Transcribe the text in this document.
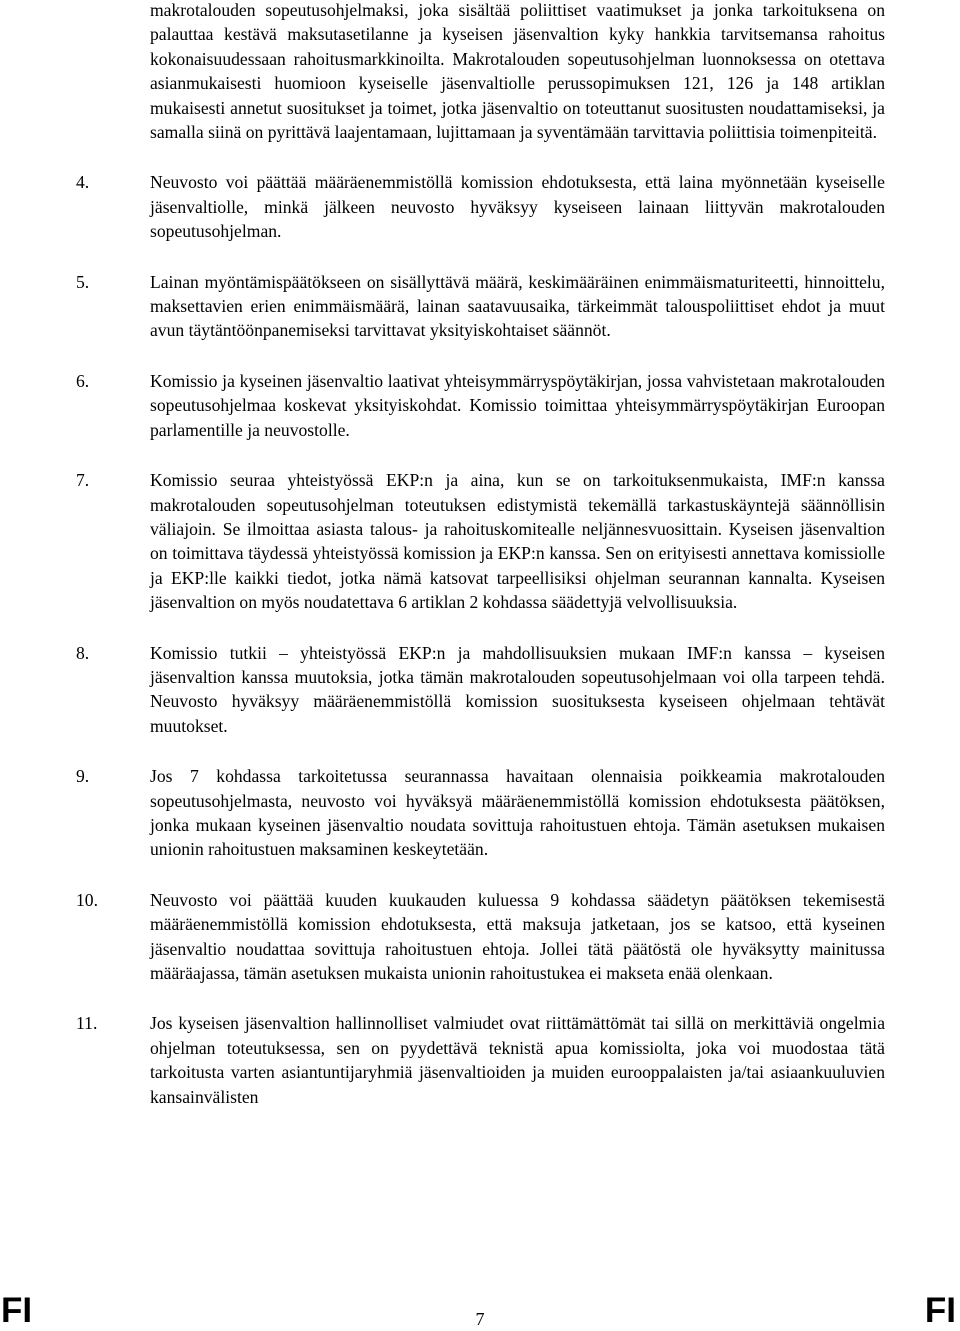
makrotalouden sopeutusohjelmaksi, joka sisältää poliittiset vaatimukset ja jonka tarkoituksena on palauttaa kestävä maksutasetilanne ja kyseisen jäsenvaltion kyky hankkia tarvitsemansa rahoitus kokonaisuudessaan rahoitusmarkkinoilta. Makrotalouden sopeutusohjelman luonnoksessa on otettava asianmukaisesti huomioon kyseiselle jäsenvaltiolle perussopimuksen 121, 126 ja 148 artiklan mukaisesti annetut suositukset ja toimet, jotka jäsenvaltio on toteuttanut suositusten noudattamiseksi, ja samalla siinä on pyrittävä laajentamaan, lujittamaan ja syventämään tarvittavia poliittisia toimenpiteitä.
4.	Neuvosto voi päättää määräenemmistöllä komission ehdotuksesta, että laina myönnetään kyseiselle jäsenvaltiolle, minkä jälkeen neuvosto hyväksyy kyseiseen lainaan liittyvän makrotalouden sopeutusohjelman.
5.	Lainan myöntämispäätökseen on sisällyttävä määrä, keskimääräinen enimmäismaturiteetti, hinnoittelu, maksettavien erien enimmäismäärä, lainan saatavuusaika, tärkeimmät talouspoliittiset ehdot ja muut avun täytäntöönpanemiseksi tarvittavat yksityiskohtaiset säännöt.
6.	Komissio ja kyseinen jäsenvaltio laativat yhteisymmärryspöytäkirjan, jossa vahvistetaan makrotalouden sopeutusohjelmaa koskevat yksityiskohdat. Komissio toimittaa yhteisymmärryspöytäkirjan Euroopan parlamentille ja neuvostolle.
7.	Komissio seuraa yhteistyössä EKP:n ja aina, kun se on tarkoituksenmukaista, IMF:n kanssa makrotalouden sopeutusohjelman toteutuksen edistymistä tekemällä tarkastuskäyntejä säännöllisin väliajoin. Se ilmoittaa asiasta talous- ja rahoituskomitealle neljännesvuosittain. Kyseisen jäsenvaltion on toimittava täydessä yhteistyössä komission ja EKP:n kanssa. Sen on erityisesti annettava komissiolle ja EKP:lle kaikki tiedot, jotka nämä katsovat tarpeellisiksi ohjelman seurannan kannalta. Kyseisen jäsenvaltion on myös noudatettava 6 artiklan 2 kohdassa säädettyjä velvollisuuksia.
8.	Komissio tutkii – yhteistyössä EKP:n ja mahdollisuuksien mukaan IMF:n kanssa – kyseisen jäsenvaltion kanssa muutoksia, jotka tämän makrotalouden sopeutusohjelmaan voi olla tarpeen tehdä. Neuvosto hyväksyy määräenemmistöllä komission suosituksesta kyseiseen ohjelmaan tehtävät muutokset.
9.	Jos 7 kohdassa tarkoitetussa seurannassa havaitaan olennaisia poikkeamia makrotalouden sopeutusohjelmasta, neuvosto voi hyväksyä määräenemmistöllä komission ehdotuksesta päätöksen, jonka mukaan kyseinen jäsenvaltio noudata sovittuja rahoitustuen ehtoja. Tämän asetuksen mukaisen unionin rahoitustuen maksaminen keskeytetään.
10.	Neuvosto voi päättää kuuden kuukauden kuluessa 9 kohdassa säädetyn päätöksen tekemisestä määräenemmistöllä komission ehdotuksesta, että maksuja jatketaan, jos se katsoo, että kyseinen jäsenvaltio noudattaa sovittuja rahoitustuen ehtoja. Jollei tätä päätöstä ole hyväksytty mainitussa määräajassa, tämän asetuksen mukaista unionin rahoitustukea ei makseta enää olenkaan.
11.	Jos kyseisen jäsenvaltion hallinnolliset valmiudet ovat riittämättömät tai sillä on merkittäviä ongelmia ohjelman toteutuksessa, sen on pyydettävä teknistä apua komissiolta, joka voi muodostaa tätä tarkoitusta varten asiantuntijaryhmiä jäsenvaltioiden ja muiden eurooppalaisten ja/tai asiaankuuluvien kansainvälisten
FI	7	FI
